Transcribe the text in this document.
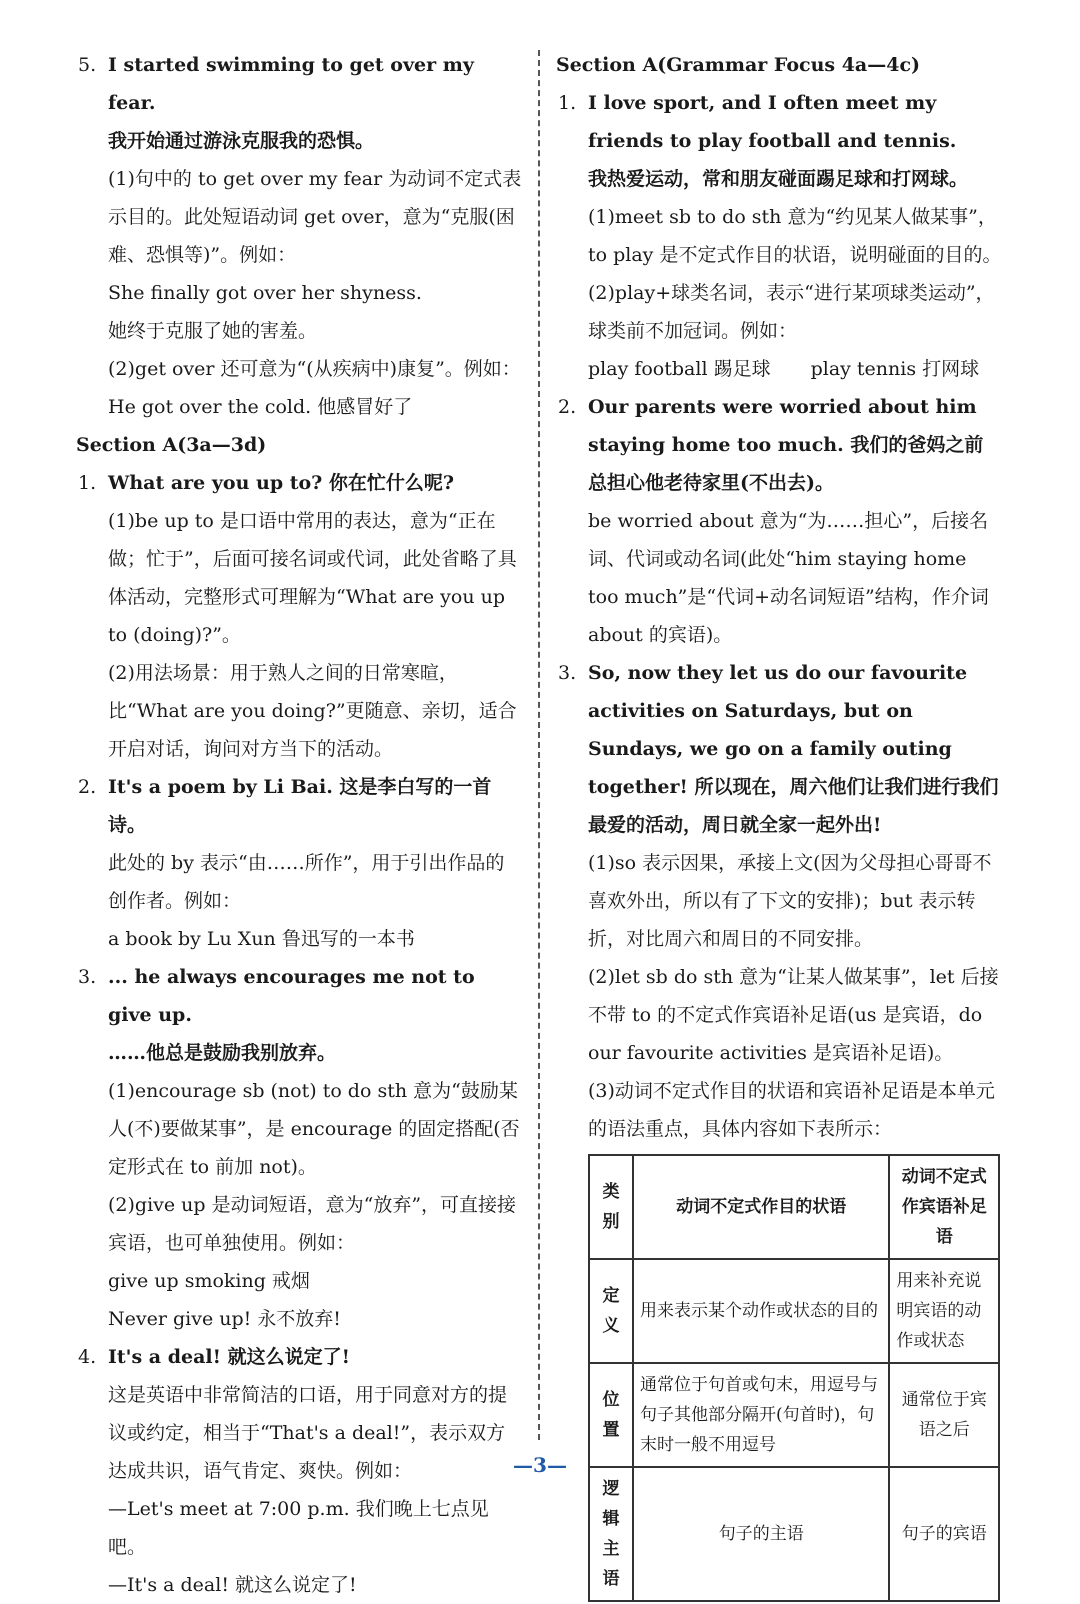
5. I started swimming to get over my fear.

我开始通过游泳克服我的恐惧。

(1)句中的 to get over my fear 为动词不定式表示目的。此处短语动词 get over，意为“克服(困难、恐惧等)”。例如：

She finally got over her shyness.

她终于克服了她的害羞。

(2)get over 还可意为“(从疾病中)康复”。例如：

He got over the cold. 他感冒好了

Section A(3a—3d)

1. What are you up to? 你在忙什么呢?

(1)be up to 是口语中常用的表达，意为“正在做；忙于”，后面可接名词或代词，此处省略了具体活动，完整形式可理解为“What are you up to (doing)?”。

(2)用法场景：用于熟人之间的日常寒暄，比“What are you doing?”更随意、亲切，适合开启对话，询问对方当下的活动。

2. It's a poem by Li Bai. 这是李白写的一首诗。

此处的 by 表示“由……所作”，用于引出作品的创作者。例如：

a book by Lu Xun 鲁迅写的一本书

3. ... he always encourages me not to give up.

……他总是鼓励我别放弃。

(1)encourage sb (not) to do sth 意为“鼓励某人(不)要做某事”，是 encourage 的固定搭配(否定形式在 to 前加 not)。

(2)give up 是动词短语，意为“放弃”，可直接接宾语，也可单独使用。例如：

give up smoking 戒烟

Never give up! 永不放弃!

4. It's a deal! 就这么说定了!

这是英语中非常简洁的口语，用于同意对方的提议或约定，相当于“That's a deal!”，表示双方达成共识，语气肯定、爽快。例如：

—Let's meet at 7:00 p.m. 我们晚上七点见吧。

—It's a deal! 就这么说定了!

Section A(Grammar Focus 4a—4c)

1. I love sport, and I often meet my friends to play football and tennis.

我热爱运动，常和朋友碰面踢足球和打网球。

(1)meet sb to do sth 意为“约见某人做某事”，to play 是不定式作目的状语，说明碰面的目的。

(2)play+球类名词，表示“进行某项球类运动”，球类前不加冠词。例如：

play football 踢足球 play tennis 打网球
2. Our parents were worried about him staying home too much. 我们的爸妈之前总担心他老待家里(不出去)。

be worried about 意为“为……担心”，后接名词、代词或动名词(此处“him staying home too much”是“代词+动名词短语”结构，作介词 about 的宾语)。

3. So, now they let us do our favourite activities on Saturdays, but on Sundays, we go on a family outing together! 所以现在，周六他们让我们进行我们最爱的活动，周日就全家一起外出!

(1)so 表示因果，承接上文(因为父母担心哥哥不喜欢外出，所以有了下文的安排)；but 表示转折，对比周六和周日的不同安排。

(2)let sb do sth 意为“让某人做某事”，let 后接不带 to 的不定式作宾语补足语(us 是宾语，do our favourite activities 是宾语补足语)。

(3)动词不定式作目的状语和宾语补足语是本单元的语法重点，具体内容如下表所示：

类别	动词不定式作目的状语	动词不定式作宾语补足语
定义	用来表示某个动作或状态的目的	用来补充说明宾语的动作或状态
位置	通常位于句首或句末，用逗号与句子其他部分隔开(句首时)，句末时一般不用逗号	通常位于宾语之后
逻辑主语	句子的主语	句子的宾语
—3—
